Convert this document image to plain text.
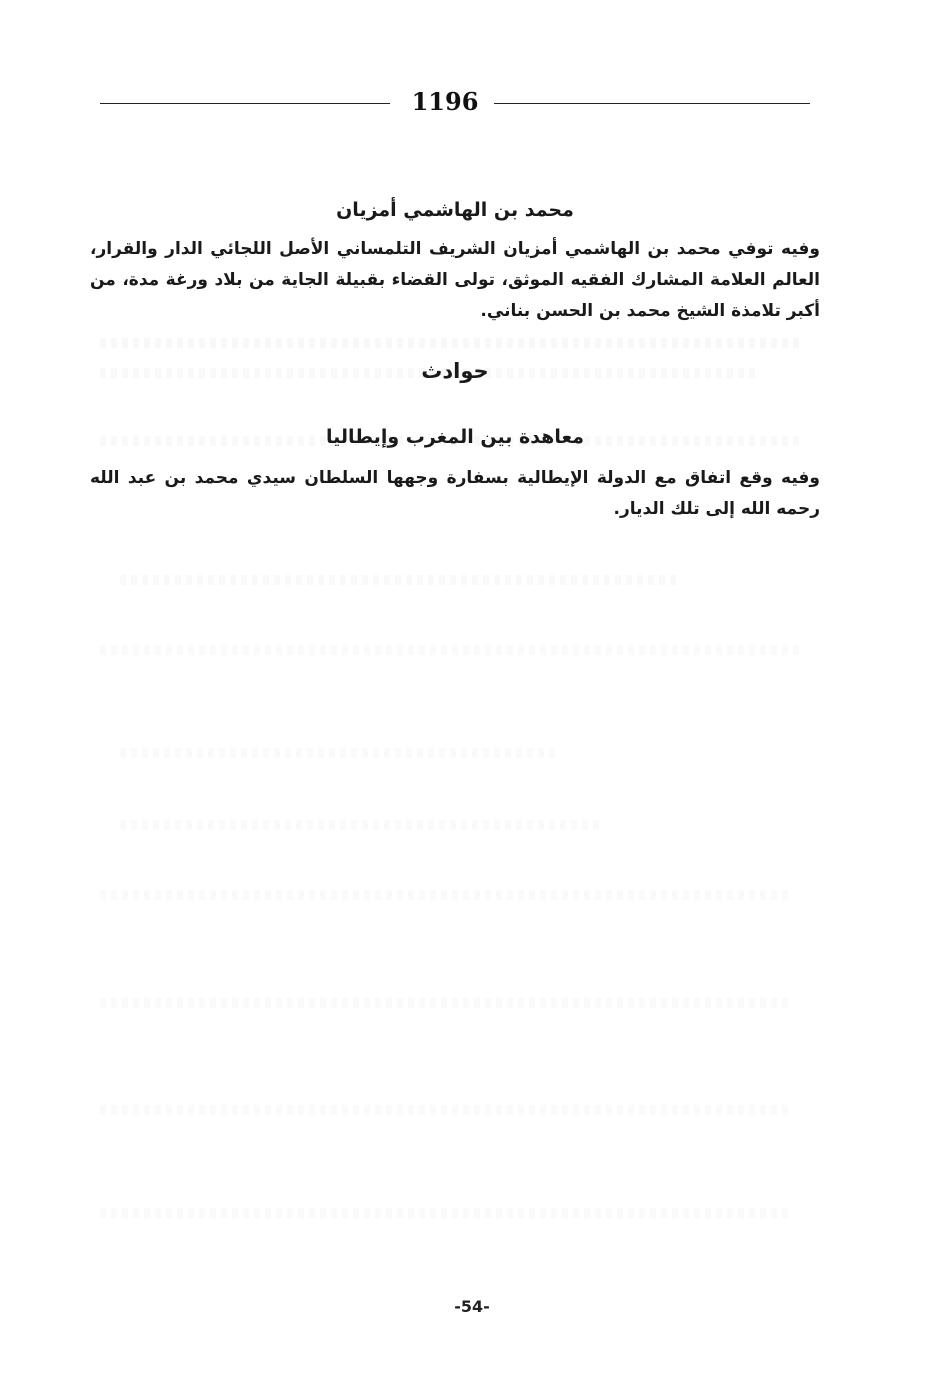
1196
محمد بن الهاشمي أمزيان

وفيه توفي محمد بن الهاشمي أمزيان الشريف التلمساني الأصل اللجائي الدار والقرار، العالم العلامة المشارك الفقيه الموثق، تولى القضاء بقبيلة الجاية من بلاد ورغة مدة، من أكبر تلامذة الشيخ محمد بن الحسن بناني.

حوادث
معاهدة بين المغرب وإيطاليا

وفيه وقع اتفاق مع الدولة الإيطالية بسفارة وجهها السلطان سيدي محمد بن عبد الله رحمه الله إلى تلك الديار.

-54-
